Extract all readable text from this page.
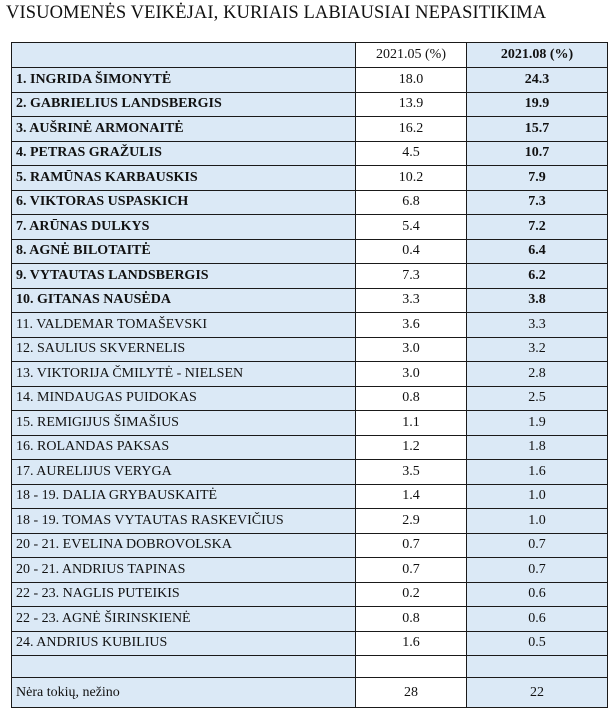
VISUOMENĖS VEIKĖJAI, KURIAIS LABIAUSIAI NEPASITIKIMA
	2021.05 (%)	2021.08 (%)
1. INGRIDA ŠIMONYTĖ	18.0	24.3
2. GABRIELIUS LANDSBERGIS	13.9	19.9
3. AUŠRINĖ ARMONAITĖ	16.2	15.7
4. PETRAS GRAŽULIS	4.5	10.7
5. RAMŪNAS KARBAUSKIS	10.2	7.9
6. VIKTORAS USPASKICH	6.8	7.3
7. ARŪNAS DULKYS	5.4	7.2
8. AGNĖ BILOTAITĖ	0.4	6.4
9. VYTAUTAS LANDSBERGIS	7.3	6.2
10. GITANAS NAUSĖDA	3.3	3.8
11. VALDEMAR TOMAŠEVSKI	3.6	3.3
12. SAULIUS SKVERNELIS	3.0	3.2
13. VIKTORIJA ČMILYTĖ - NIELSEN	3.0	2.8
14. MINDAUGAS PUIDOKAS	0.8	2.5
15. REMIGIJUS ŠIMAŠIUS	1.1	1.9
16. ROLANDAS PAKSAS	1.2	1.8
17. AURELIJUS VERYGA	3.5	1.6
18 - 19. DALIA GRYBAUSKAITĖ	1.4	1.0
18 - 19. TOMAS VYTAUTAS RASKEVIČIUS	2.9	1.0
20 - 21. EVELINA DOBROVOLSKA	0.7	0.7
20 - 21. ANDRIUS TAPINAS	0.7	0.7
22 - 23. NAGLIS PUTEIKIS	0.2	0.6
22 - 23. AGNĖ ŠIRINSKIENĖ	0.8	0.6
24. ANDRIUS KUBILIUS	1.6	0.5

Nėra tokių, nežino	28	22
